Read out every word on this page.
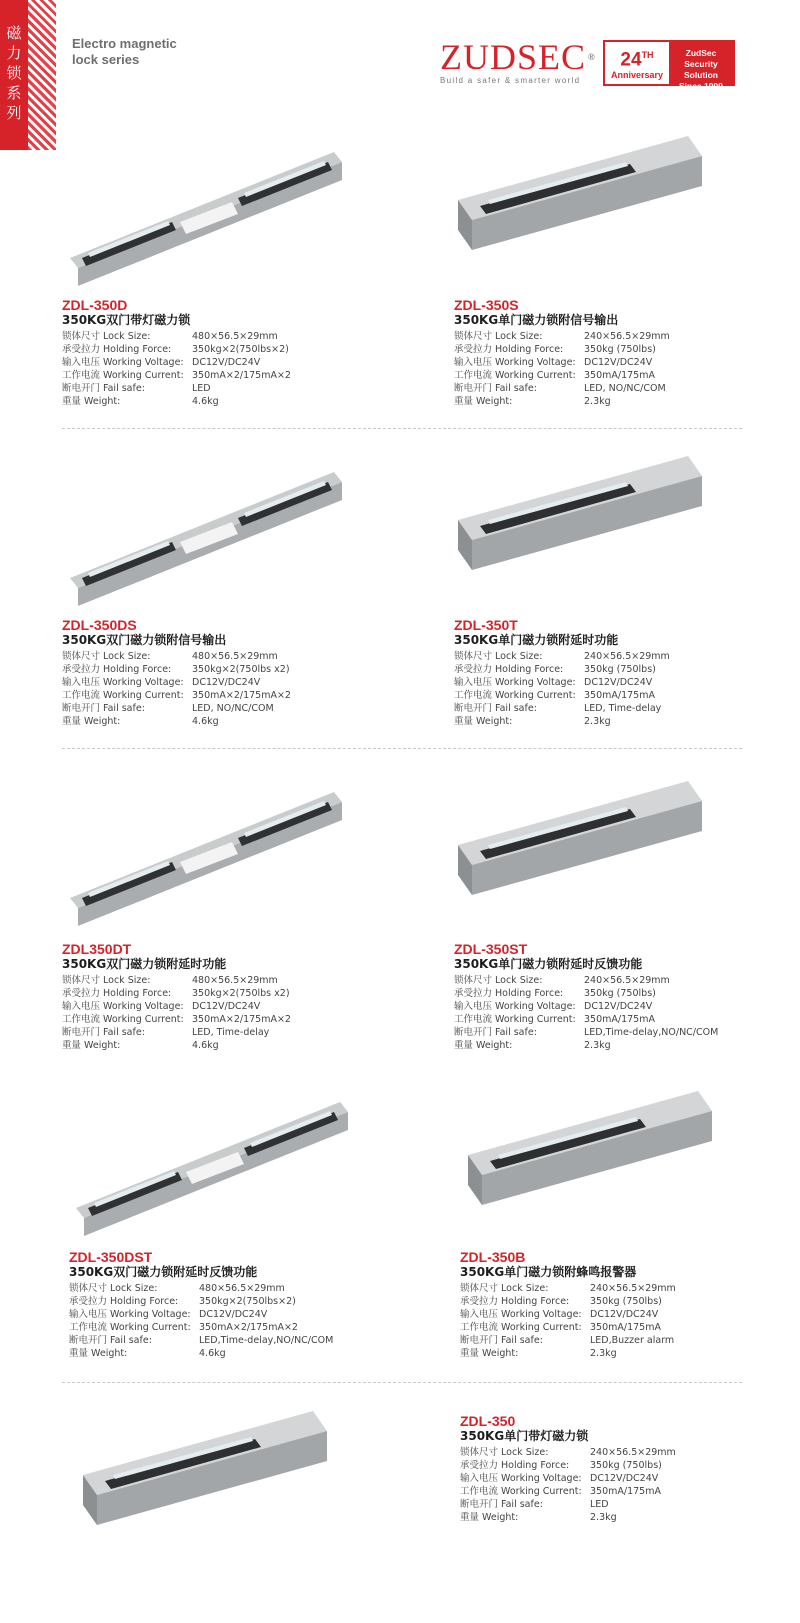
磁力锁系列	Electro magnetic
lock series	ZUDSEC ®
Build a safer & smarter world
24TH
Anniversary
ZudSec
Security Solution
Since 1999
ZDL-350D
350KG双门带灯磁力锁
锁体尺寸 Lock Size:	480×56.5×29mm
承受拉力 Holding Force:	350kg×2(750lbs×2)
输入电压 Working Voltage: DC12V/DC24V
工作电流 Working Current: 350mA×2/175mA×2
断电开门 Fail safe:	LED
重量 Weight:	4.6kg
ZDL-350S
350KG单门磁力锁附信号输出
锁体尺寸 Lock Size:	240×56.5×29mm
承受拉力 Holding Force:	350kg (750lbs)
输入电压 Working Voltage: DC12V/DC24V
工作电流 Working Current: 350mA/175mA
断电开门 Fail safe:	LED, NO/NC/COM
重量 Weight:	2.3kg
ZDL-350DS
350KG双门磁力锁附信号输出
锁体尺寸 Lock Size:	480×56.5×29mm
承受拉力 Holding Force:	350kg×2(750lbs x2)
输入电压 Working Voltage: DC12V/DC24V
工作电流 Working Current: 350mA×2/175mA×2
断电开门 Fail safe:	LED, NO/NC/COM
重量 Weight:	4.6kg
ZDL-350T
350KG单门磁力锁附延时功能
锁体尺寸 Lock Size:	240×56.5×29mm
承受拉力 Holding Force:	350kg (750lbs)
输入电压 Working Voltage: DC12V/DC24V
工作电流 Working Current: 350mA/175mA
断电开门 Fail safe:	LED, Time-delay
重量 Weight:	2.3kg
ZDL350DT
350KG双门磁力锁附延时功能
锁体尺寸 Lock Size:	480×56.5×29mm
承受拉力 Holding Force:	350kg×2(750lbs x2)
输入电压 Working Voltage: DC12V/DC24V
工作电流 Working Current: 350mA×2/175mA×2
断电开门 Fail safe:	LED, Time-delay
重量 Weight:	4.6kg
ZDL-350ST
350KG单门磁力锁附延时反馈功能
锁体尺寸 Lock Size:	240×56.5×29mm
承受拉力 Holding Force:	350kg (750lbs)
输入电压 Working Voltage: DC12V/DC24V
工作电流 Working Current: 350mA/175mA
断电开门 Fail safe:	LED,Time-delay,NO/NC/COM
重量 Weight:	2.3kg
ZDL-350DST
350KG双门磁力锁附延时反馈功能
锁体尺寸 Lock Size:	480×56.5×29mm
承受拉力 Holding Force:	350kg×2(750lbs×2)
输入电压 Working Voltage: DC12V/DC24V
工作电流 Working Current: 350mA×2/175mA×2
断电开门 Fail safe:	LED,Time-delay,NO/NC/COM
重量 Weight:	4.6kg
ZDL-350B
350KG单门磁力锁附蜂鸣报警器
锁体尺寸 Lock Size:	240×56.5×29mm
承受拉力 Holding Force:	350kg (750lbs)
输入电压 Working Voltage: DC12V/DC24V
工作电流 Working Current: 350mA/175mA
断电开门 Fail safe:	LED,Buzzer alarm
重量 Weight:	2.3kg
ZDL-350
350KG单门带灯磁力锁
锁体尺寸 Lock Size:	240×56.5×29mm
承受拉力 Holding Force:	350kg (750lbs)
输入电压 Working Voltage: DC12V/DC24V
工作电流 Working Current: 350mA/175mA
断电开门 Fail safe:	LED
重量 Weight:	2.3kg
